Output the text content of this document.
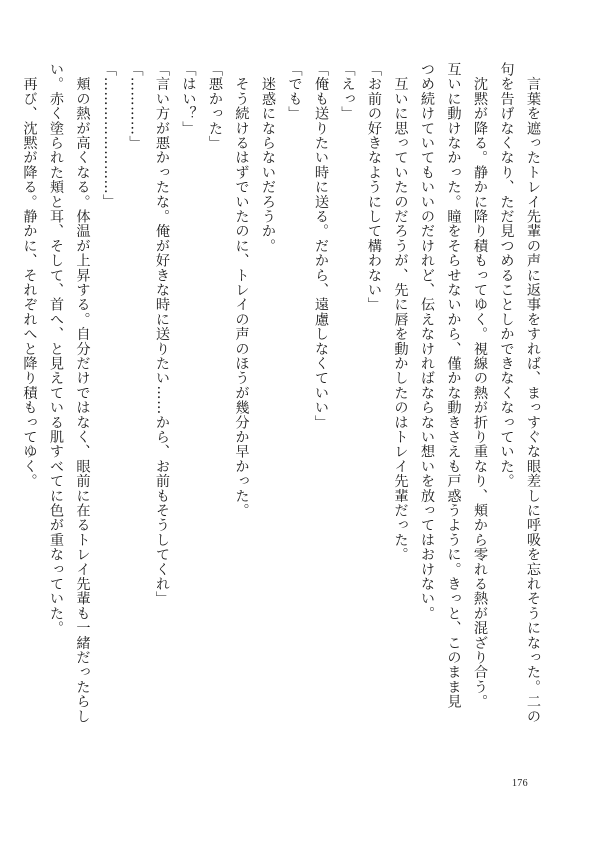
　言葉を遮ったトレイ先輩の声に返事をすれば、まっすぐな眼差しに呼吸を忘れそうになった。二の
句を告げなくなり、ただ見つめることしかできなくなっていた。
　沈黙が降る。静かに降り積もってゆく。視線の熱が折り重なり、頬から零れる熱が混ざり合う。
互いに動けなかった。瞳をそらせないから、僅かな動きさえも戸惑うように。きっと、このまま見
つめ続けていてもいいのだけれど、伝えなければならない想いを放ってはおけない。
　互いに思っていたのだろうが、先に唇を動かしたのはトレイ先輩だった。
「お前の好きなようにして構わない」
「えっ」
「俺も送りたい時に送る。だから、遠慮しなくていい」
「でも」
　迷惑にならないだろうか。
　そう続けるはずでいたのに、トレイの声のほうが幾分か早かった。
「悪かった」
「はい？」
「言い方が悪かったな。俺が好きな時に送りたい……から、お前もそうしてくれ」
「…………」
「……………………」
　頬の熱が高くなる。体温が上昇する。自分だけではなく、眼前に在るトレイ先輩も一緒だったらし
い。赤く塗られた頬と耳、そして、首へ、と見えている肌すべてに色が重なっていた。
　再び、沈黙が降る。静かに、それぞれへと降り積もってゆく。
176
